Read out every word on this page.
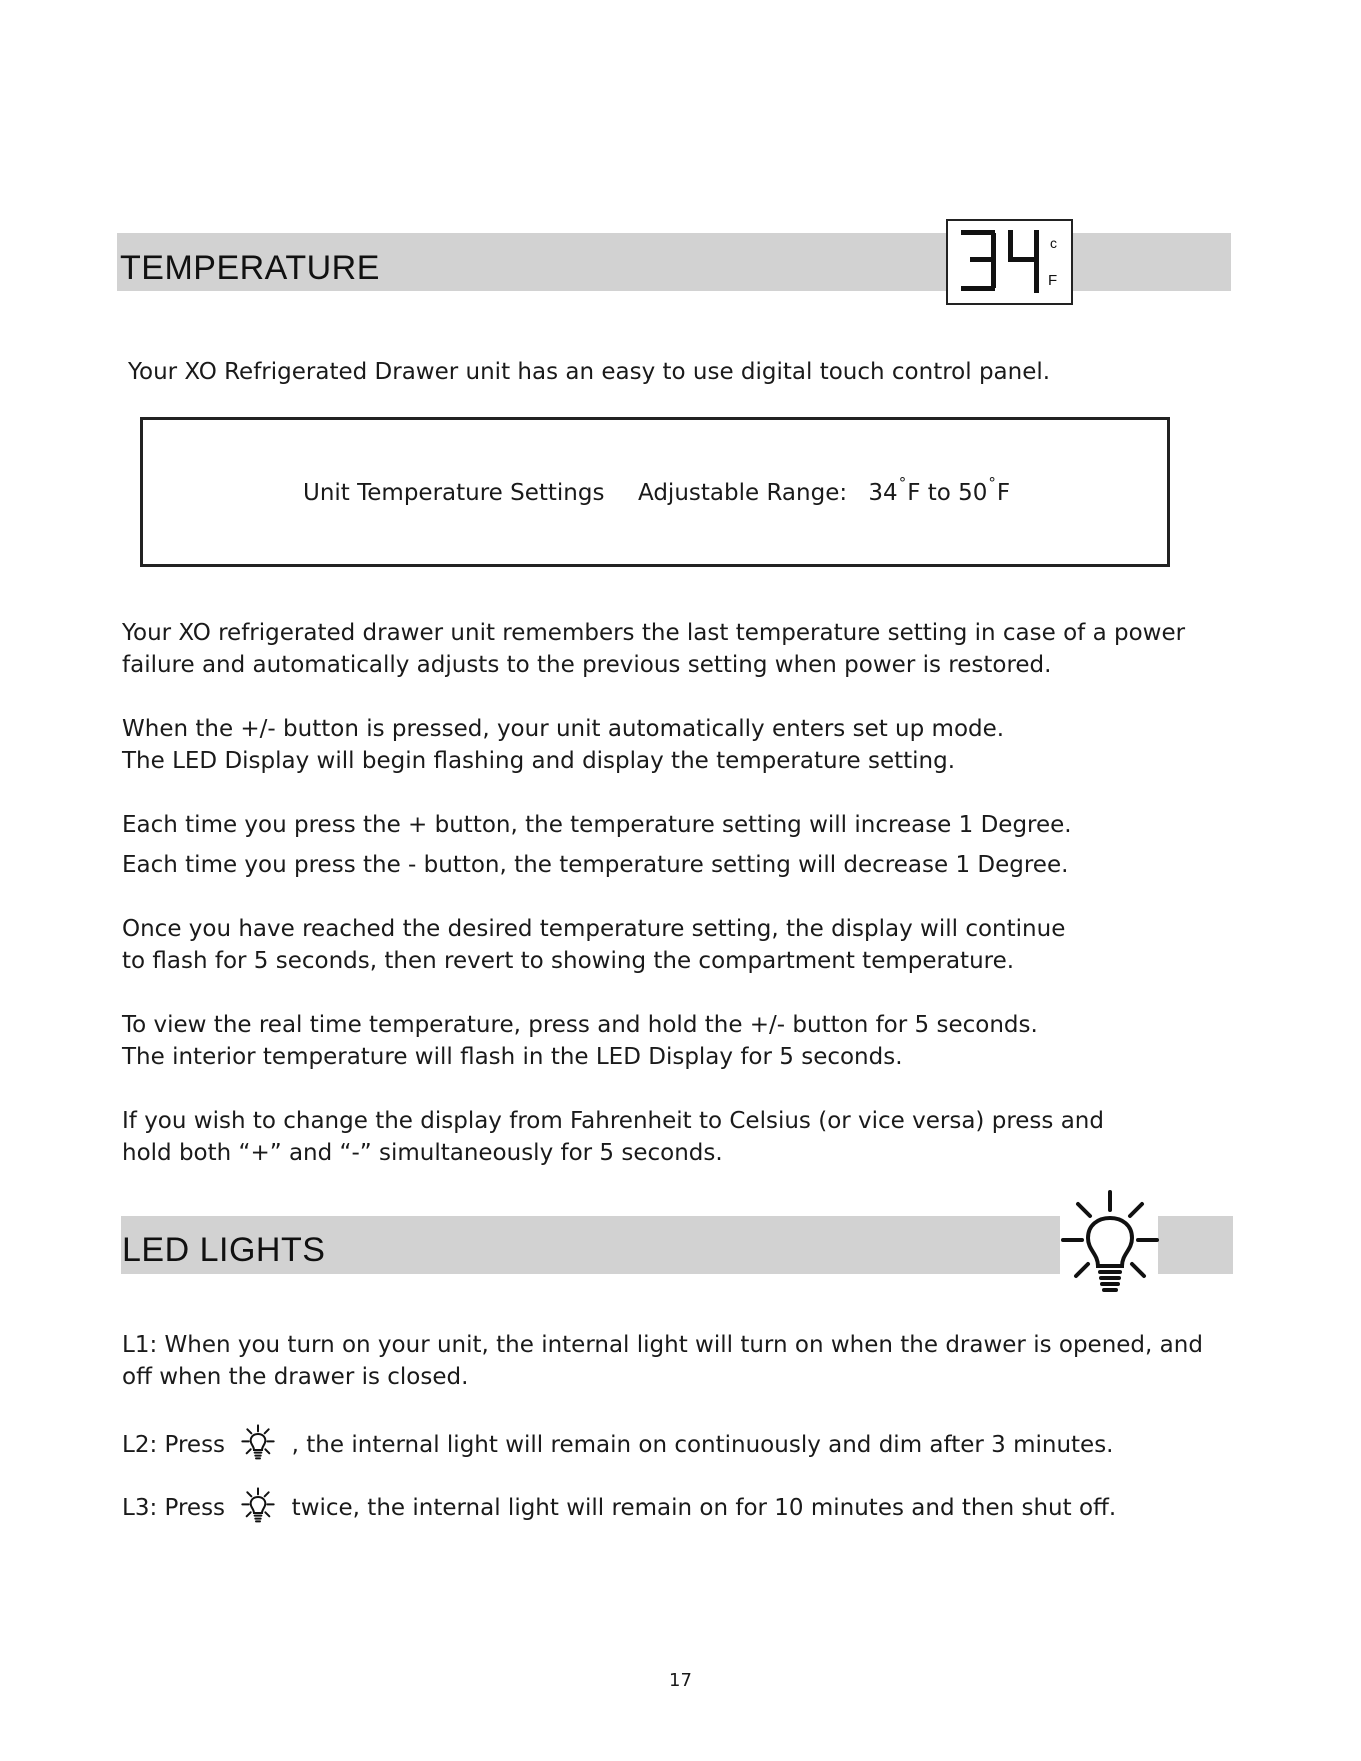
TEMPERATURE
c
F
Your XO Refrigerated Drawer unit has an easy to use digital touch control panel.
Unit Temperature Settings Adjustable Range: 34°F to 50°F
Your XO refrigerated drawer unit remembers the last temperature setting in case of a power
failure and automatically adjusts to the previous setting when power is restored.
When the +/- button is pressed, your unit automatically enters set up mode.
The LED Display will begin flashing and display the temperature setting.
Each time you press the + button, the temperature setting will increase 1 Degree.
Each time you press the - button, the temperature setting will decrease 1 Degree.
Once you have reached the desired temperature setting, the display will continue
to flash for 5 seconds, then revert to showing the compartment temperature.
To view the real time temperature, press and hold the +/- button for 5 seconds.
The interior temperature will flash in the LED Display for 5 seconds.
If you wish to change the display from Fahrenheit to Celsius (or vice versa) press and
hold both “+” and “-” simultaneously for 5 seconds.
LED LIGHTS
L1: When you turn on your unit, the internal light will turn on when the drawer is opened, and
off when the drawer is closed.
L2: Press	, the internal light will remain on continuously and dim after 3 minutes.
L3: Press	twice, the internal light will remain on for 10 minutes and then shut off.
17
